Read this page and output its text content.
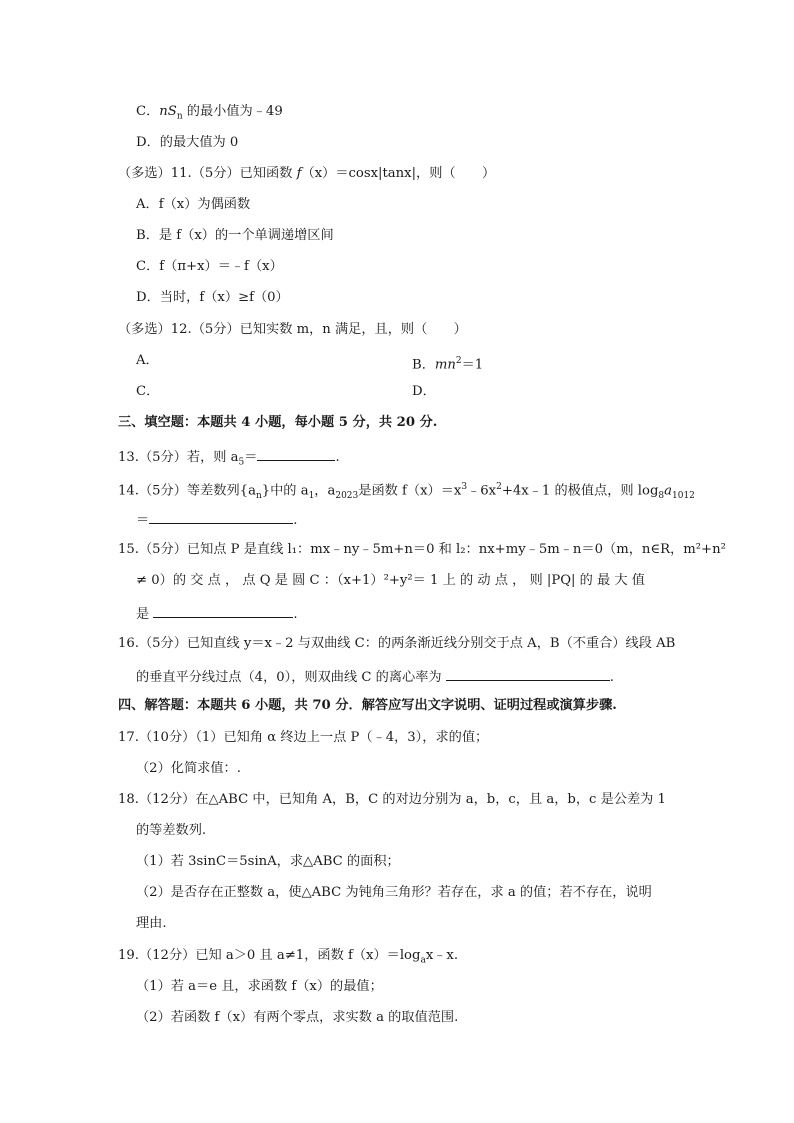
C．$nS_n$ 的最小值为﹣49
D．的最大值为 0
（多选）11.（5分）已知函数 f（x）＝cosx|tanx|，则（　　）
A．f（x）为偶函数
B．是 f（x）的一个单调递增区间
C．f（π+x）＝﹣f（x）
D．当时，f（x）≥f（0）
（多选）12.（5分）已知实数 m，n 满足，且，则（　　）
A．	B．$mn^2=1$
C．	D．
三、填空题：本题共 4 小题，每小题 5 分，共 20 分.
13.（5分）若，则 $a_5=$	.
14.（5分）等差数列$\{a_n\}$中的 $a_1$，$a_{2023}$是函数 $f(x)=x^3﹣6x^2+4x﹣1$ 的极值点，则 $\log_8a_{1012}$
＝	.
15.（5分）已知点 P 是直线 l₁：mx﹣ny﹣5m+n＝0 和 l₂：nx+my﹣5m﹣n＝0（m，n∈R，m²+n²
≠ 0）的 交 点 ， 点 Q 是 圆 C ：（x+1）²+y²＝ 1 上 的 动 点 ， 则 |PQ| 的 最 大 值
是	.
16.（5分）已知直线 y＝x﹣2 与双曲线 C：的两条渐近线分别交于点 A，B（不重合）线段 AB
的垂直平分线过点（4，0），则双曲线 C 的离心率为	.
四、解答题：本题共 6 小题，共 70 分．解答应写出文字说明、证明过程或演算步骤.
17.（10分）（1）已知角 α 终边上一点 P（﹣4，3），求的值；
（2）化简求值：.
18.（12分）在△ABC 中，已知角 A，B，C 的对边分别为 a，b，c，且 a，b，c 是公差为 1
的等差数列.
（1）若 3sinC＝5sinA，求△ABC 的面积；
（2）是否存在正整数 a，使△ABC 为钝角三角形？若存在，求 a 的值；若不存在，说明
理由.
19.（12分）已知 a＞0 且 a≠1，函数 $f(x)=\log_ax﹣x$.
（1）若 a＝e 且，求函数 f（x）的最值；
（2）若函数 f（x）有两个零点，求实数 a 的取值范围.
